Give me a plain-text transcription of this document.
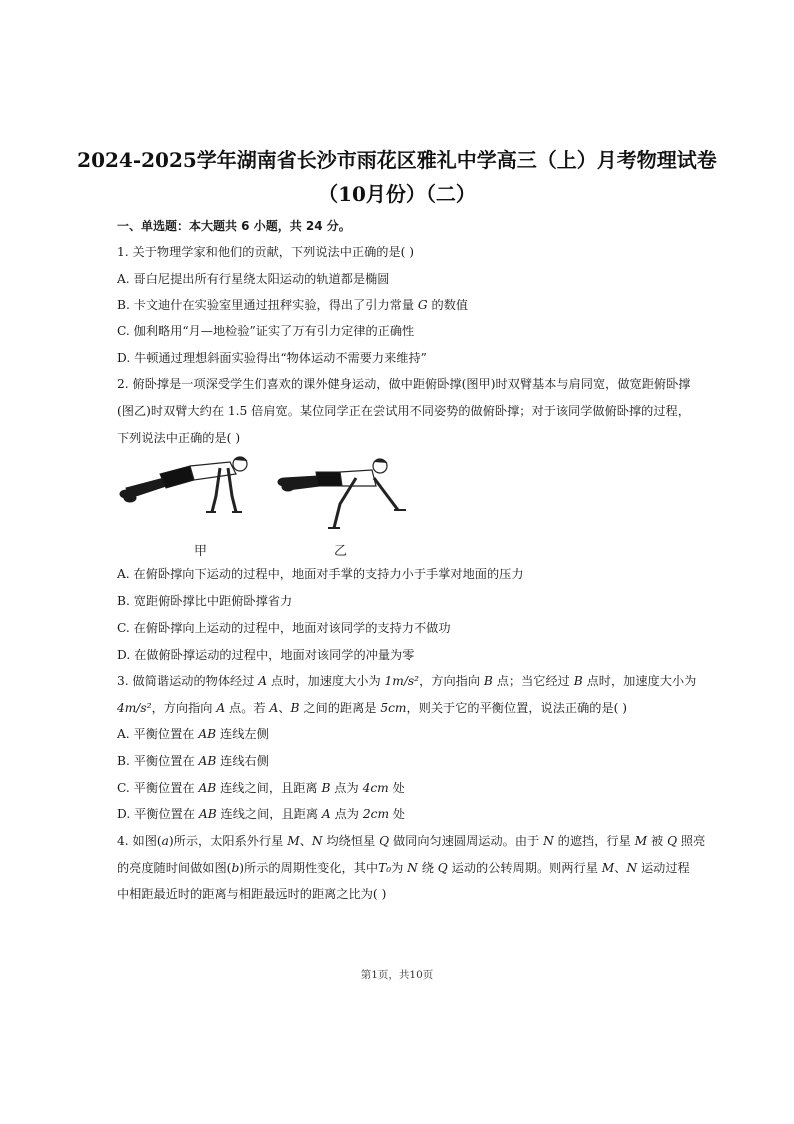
2024-2025学年湖南省长沙市雨花区雅礼中学高三（上）月考物理试卷
（10月份）（二）
一、单选题：本大题共 6 小题，共 24 分。
1. 关于物理学家和他们的贡献，下列说法中正确的是( )
A. 哥白尼提出所有行星绕太阳运动的轨道都是椭圆
B. 卡文迪什在实验室里通过扭秤实验，得出了引力常量 G 的数值
C. 伽利略用“月—地检验”证实了万有引力定律的正确性
D. 牛顿通过理想斜面实验得出“物体运动不需要力来维持”
2. 俯卧撑是一项深受学生们喜欢的课外健身运动，做中距俯卧撑(图甲)时双臂基本与肩同宽，做宽距俯卧撑
(图乙)时双臂大约在 1.5 倍肩宽。某位同学正在尝试用不同姿势的做俯卧撑；对于该同学做俯卧撑的过程，
下列说法中正确的是( )
甲	乙
A. 在俯卧撑向下运动的过程中，地面对手掌的支持力小于手掌对地面的压力
B. 宽距俯卧撑比中距俯卧撑省力
C. 在俯卧撑向上运动的过程中，地面对该同学的支持力不做功
D. 在做俯卧撑运动的过程中，地面对该同学的冲量为零
3. 做简谐运动的物体经过 A 点时，加速度大小为 1m/s²，方向指向 B 点；当它经过 B 点时，加速度大小为
4m/s²，方向指向 A 点。若 A、B 之间的距离是 5cm，则关于它的平衡位置，说法正确的是( )
A. 平衡位置在 AB 连线左侧
B. 平衡位置在 AB 连线右侧
C. 平衡位置在 AB 连线之间，且距离 B 点为 4cm 处
D. 平衡位置在 AB 连线之间，且距离 A 点为 2cm 处
4. 如图(a)所示，太阳系外行星 M、N 均绕恒星 Q 做同向匀速圆周运动。由于 N 的遮挡，行星 M 被 Q 照亮
的亮度随时间做如图(b)所示的周期性变化，其中T₀为 N 绕 Q 运动的公转周期。则两行星 M、N 运动过程
中相距最近时的距离与相距最远时的距离之比为( )
第1页，共10页
